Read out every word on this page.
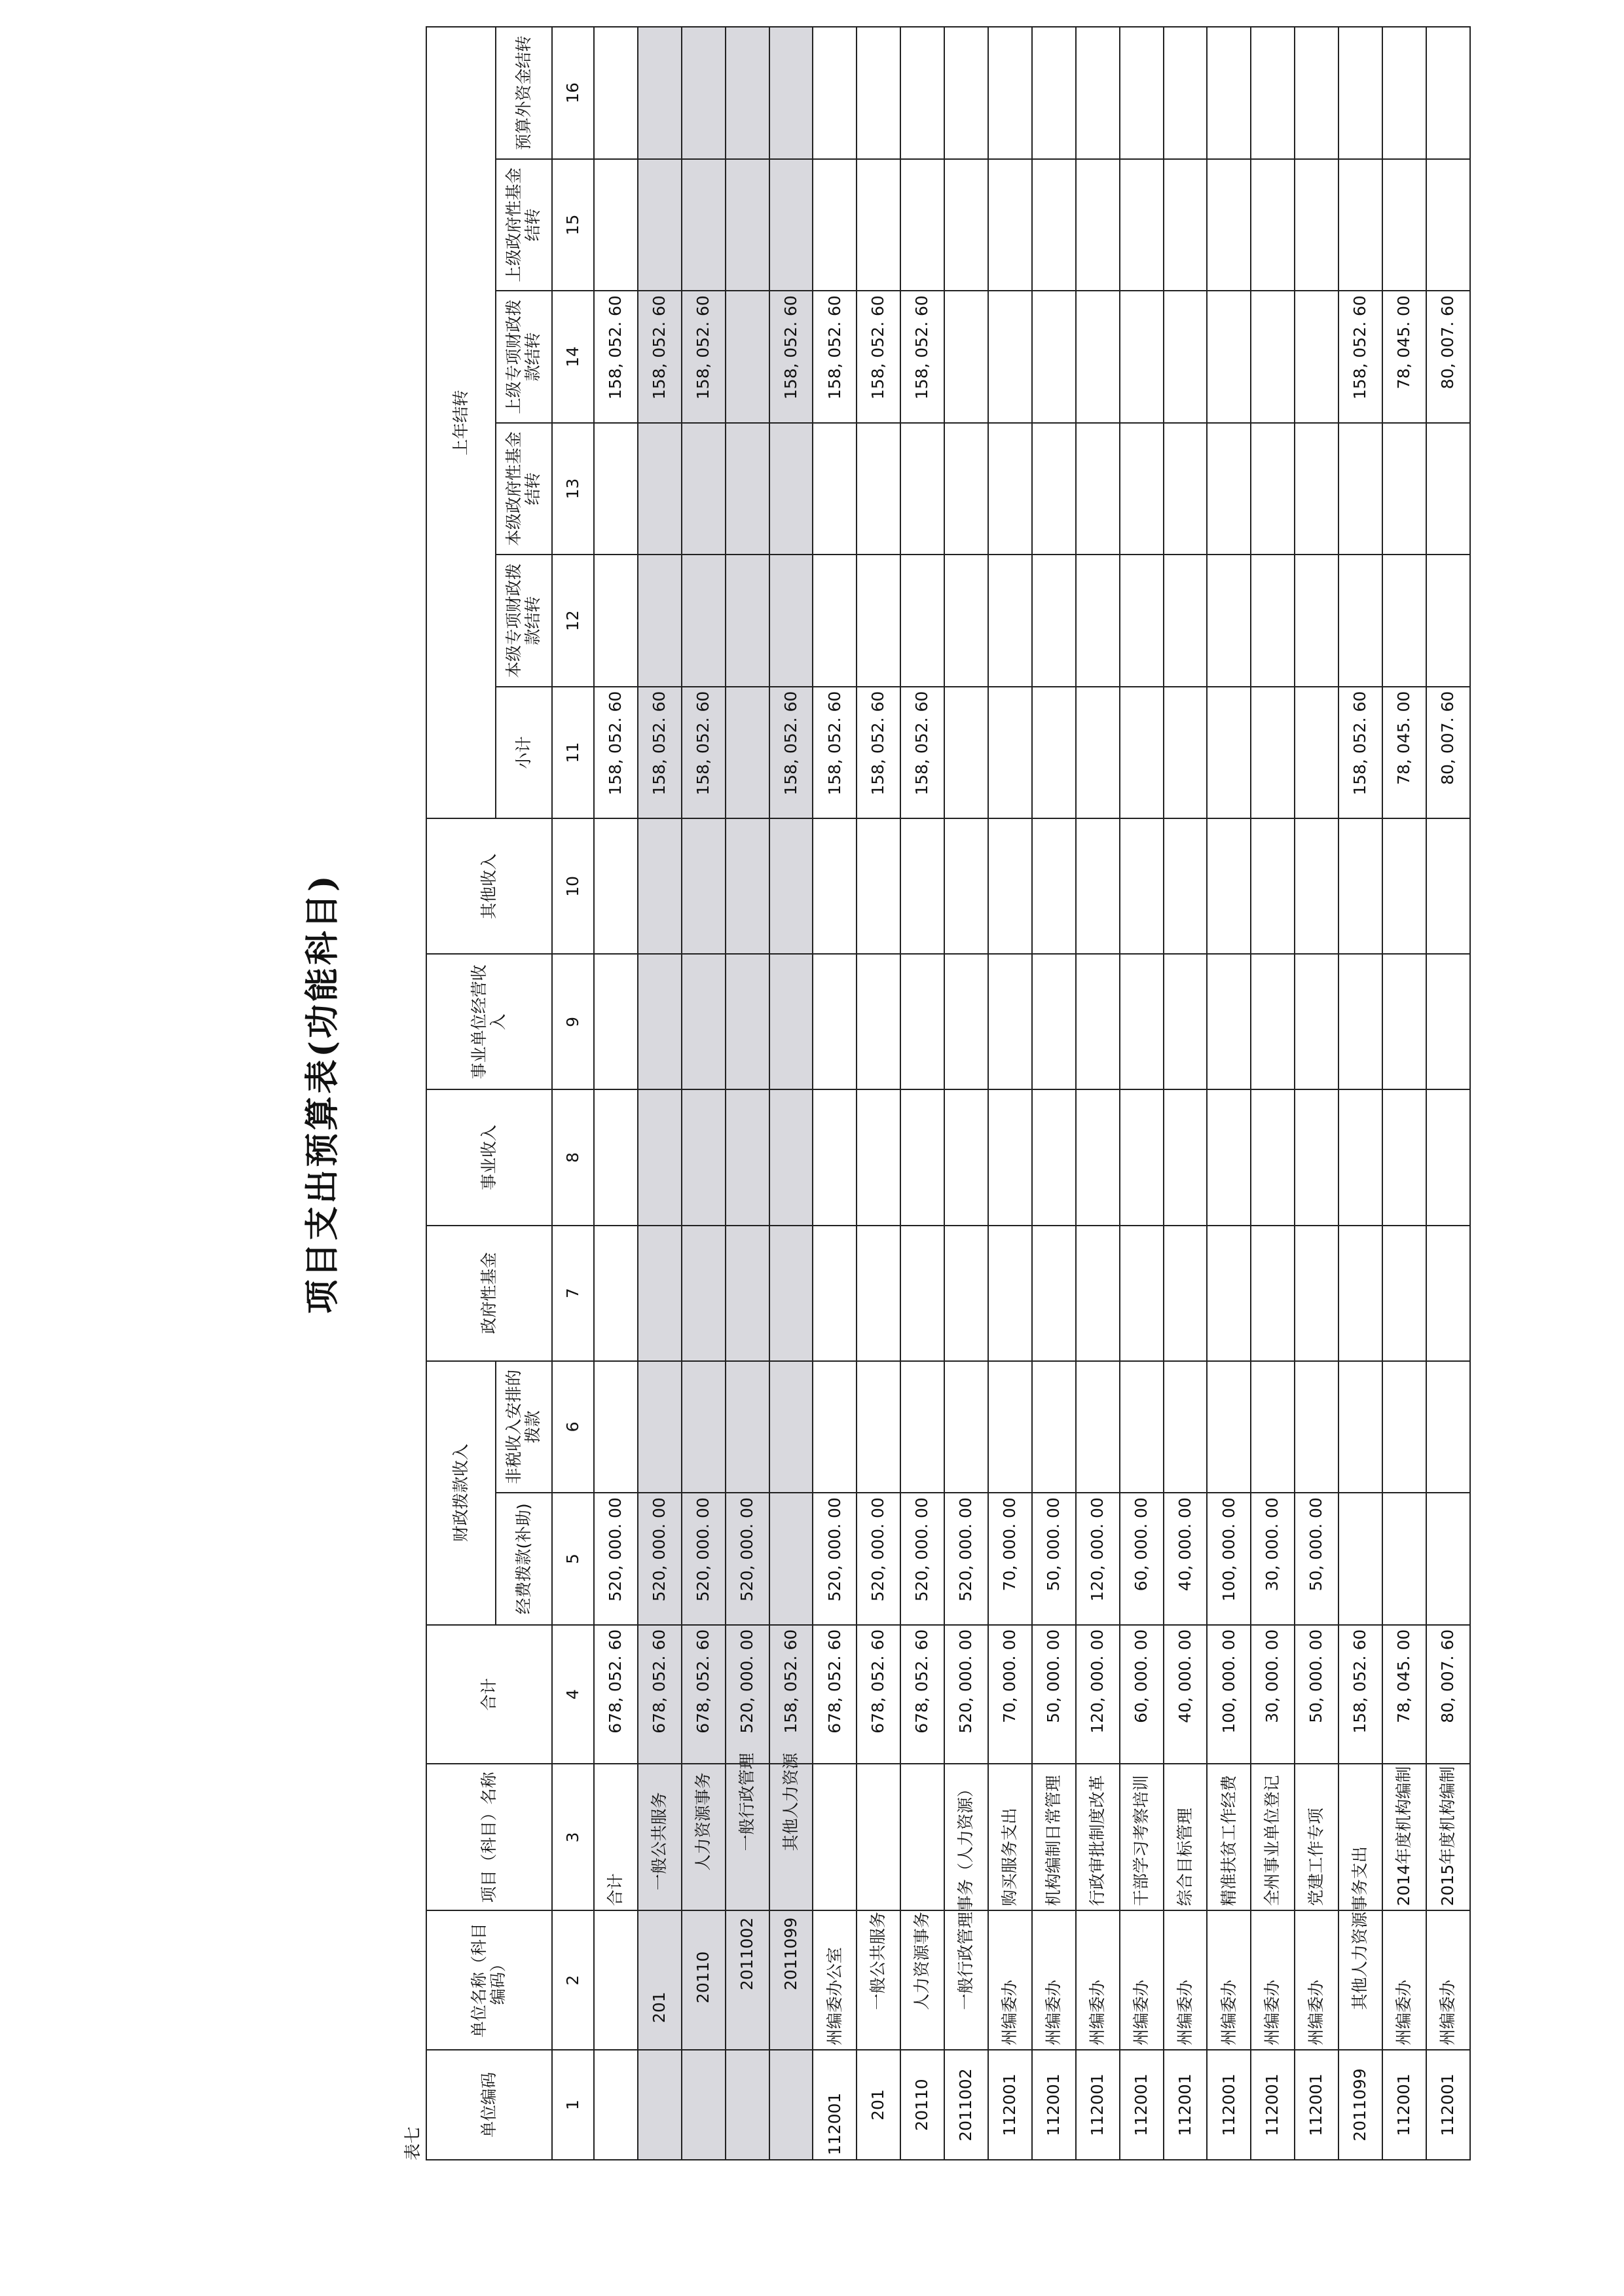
项目支出预算表(功能科目)
表七
单位编码	单位名称（科目编码）	项目（科目）名称	合计	财政拨款收入		政府性基金	事业收入	事业单位经营收入	其他收入	上年结转					
				经费拨款(补助)	非税收入安排的拨款					小计	本级专项财政拨款结转	本级政府性基金结转	上级专项财政拨款结转	上级政府性基金结转	预算外资金结转

1	2	3	4	5	6	7	8	9	10	11	12	13	14	15	16
		合计	678, 052. 60	520, 000. 00						158, 052. 60			158, 052. 60		
	201	一般公共服务	678, 052. 60	520, 000. 00						158, 052. 60			158, 052. 60		
	20110	人力资源事务	678, 052. 60	520, 000. 00						158, 052. 60			158, 052. 60		
	2011002	一般行政管理	520, 000. 00	520, 000. 00											
	2011099	其他人力资源	158, 052. 60							158, 052. 60			158, 052. 60		
112001	州编委办公室		678, 052. 60	520, 000. 00						158, 052. 60			158, 052. 60		
201	一般公共服务		678, 052. 60	520, 000. 00						158, 052. 60			158, 052. 60		
20110	人力资源事务		678, 052. 60	520, 000. 00						158, 052. 60			158, 052. 60		
2011002	一般行政管理事务（人力资源）		520, 000. 00	520, 000. 00											
112001	州编委办	购买服务支出	70, 000. 00	70, 000. 00											
112001	州编委办	机构编制日常管理	50, 000. 00	50, 000. 00											
112001	州编委办	行政审批制度改革	120, 000. 00	120, 000. 00											
112001	州编委办	干部学习考察培训	60, 000. 00	60, 000. 00											
112001	州编委办	综合目标管理	40, 000. 00	40, 000. 00											
112001	州编委办	精准扶贫工作经费	100, 000. 00	100, 000. 00											
112001	州编委办	全州事业单位登记	30, 000. 00	30, 000. 00											
112001	州编委办	党建工作专项	50, 000. 00	50, 000. 00											
2011099	其他人力资源事务支出		158, 052. 60							158, 052. 60			158, 052. 60		
112001	州编委办	2014年度机构编制	78, 045. 00							78, 045. 00			78, 045. 00		
112001	州编委办	2015年度机构编制	80, 007. 60							80, 007. 60			80, 007. 60		
